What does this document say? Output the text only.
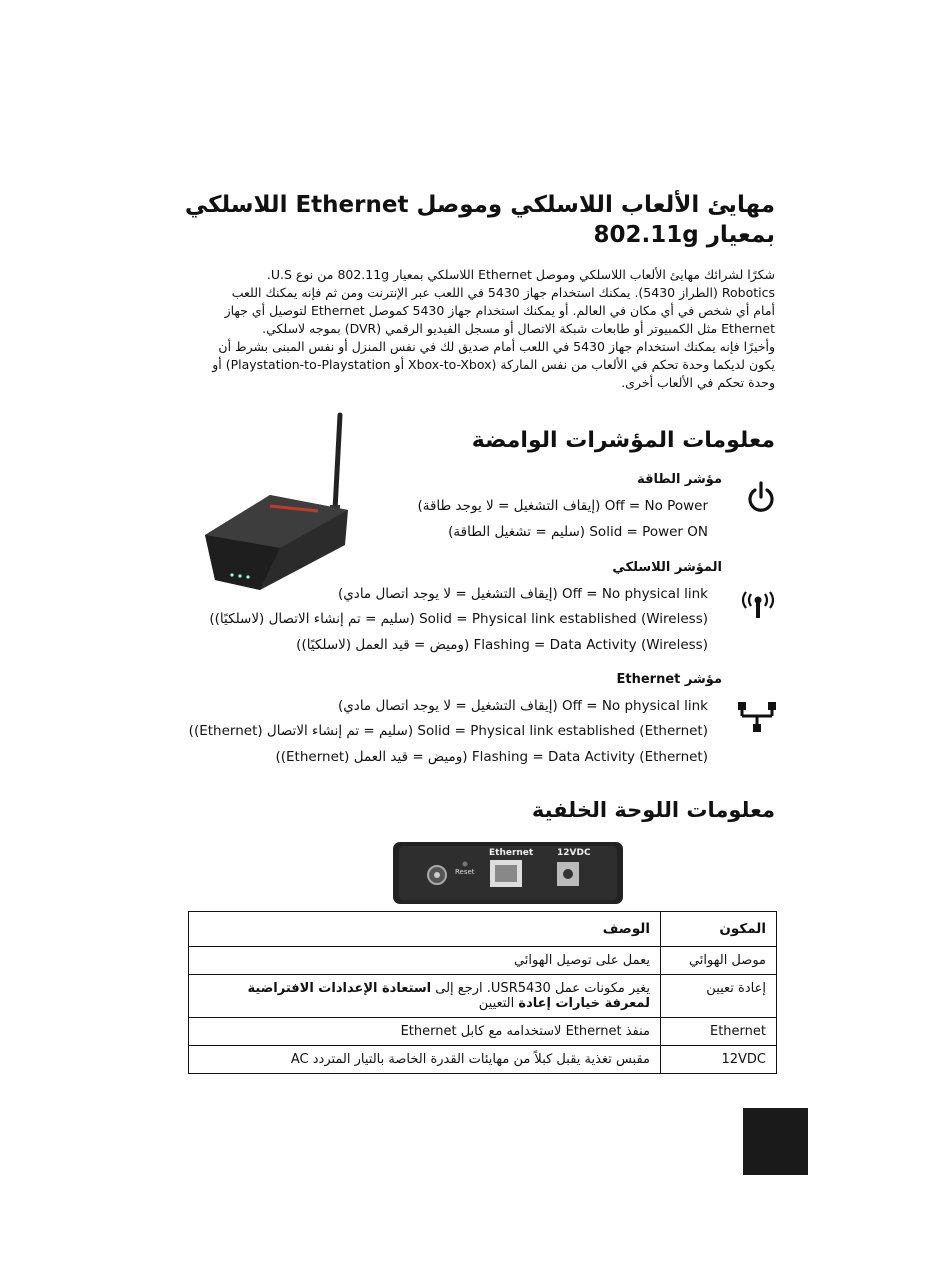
مهايئ الألعاب اللاسلكي وموصل Ethernet اللاسلكي بمعيار 802.11g

شكرًا لشرائك مهايئ الألعاب اللاسلكي وموصل Ethernet اللاسلكي بمعيار 802.11g من نوع U.S.

Robotics (الطراز 5430). يمكنك استخدام جهاز 5430 في اللعب عبر الإنترنت ومن ثم فإنه يمكنك اللعب

أمام أي شخص في أي مكان في العالم. أو يمكنك استخدام جهاز 5430 كموصل Ethernet لتوصيل أي جهاز

Ethernet مثل الكمبيوتر أو طابعات شبكة الاتصال أو مسجل الفيديو الرقمي (DVR) بموجه لاسلكي.

وأخيرًا فإنه يمكنك استخدام جهاز 5430 في اللعب أمام صديق لك في نفس المنزل أو نفس المبنى بشرط أن

يكون لديكما وحدة تحكم في الألعاب من نفس الماركة (Xbox-to-Xbox أو Playstation-to-Playstation) أو

وحدة تحكم في الألعاب أخرى.

معلومات المؤشرات الوامضة
مؤشر الطاقة
Off = No Power (إيقاف التشغيل = لا يوجد طاقة)
Solid = Power ON (سليم = تشغيل الطاقة)
المؤشر اللاسلكي
Off = No physical link (إيقاف التشغيل = لا يوجد اتصال مادي)
Solid = Physical link established (Wireless) (سليم = تم إنشاء الاتصال (لاسلكيًا))
Flashing = Data Activity (Wireless) (وميض = قيد العمل (لاسلكيًا))
مؤشر Ethernet
Off = No physical link (إيقاف التشغيل = لا يوجد اتصال مادي)
Solid = Physical link established (Ethernet) (سليم = تم إنشاء الاتصال (Ethernet))
Flashing = Data Activity (Ethernet) (وميض = قيد العمل (Ethernet))
معلومات اللوحة الخلفية
Ethernet	12VDC
Reset
المكون	الوصف
موصل الهوائي	يعمل على توصيل الهوائي
إعادة تعيين	يغير مكونات عمل USR5430. ارجع إلى استعادة الإعدادات الافتراضية لمعرفة خيارات إعادة التعيين
Ethernet	منفذ Ethernet لاستخدامه مع كابل Ethernet
12VDC	مقبس تغذية يقبل كبلاً من مهايئات القدرة الخاصة بالتيار المتردد AC
